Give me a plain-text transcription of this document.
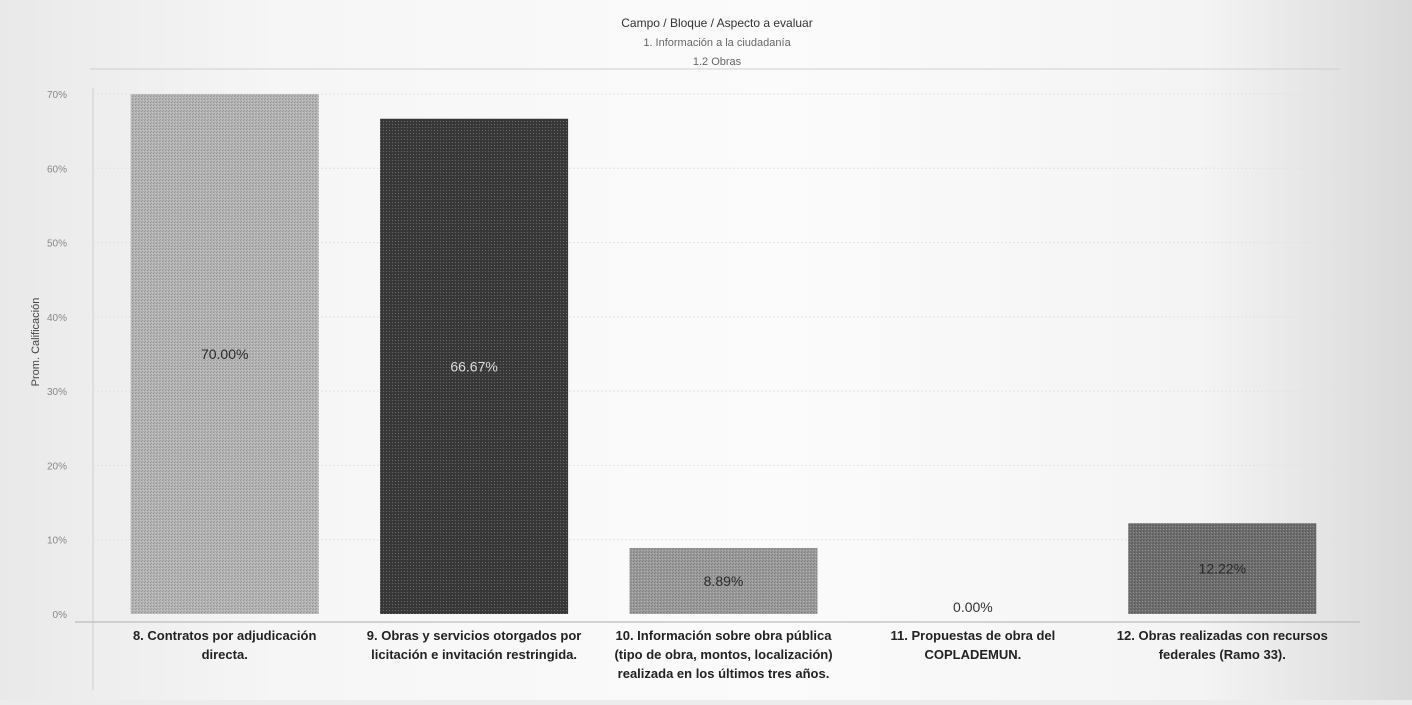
Campo / Bloque / Aspecto a evaluar
1. Información a la ciudadanía
1.2 Obras
Prom. Calificación
0%
10%
20%
30%
40%
50%
60%
70%
70.00%
66.67%
8.89%
0.00%
12.22%
8. Contratos por adjudicación
directa.
9. Obras y servicios otorgados por
licitación e invitación restringida.
10. Información sobre obra pública
(tipo de obra, montos, localización)
realizada en los últimos tres años.
11. Propuestas de obra del
COPLADEMUN.
12. Obras realizadas con recursos
federales (Ramo 33).
